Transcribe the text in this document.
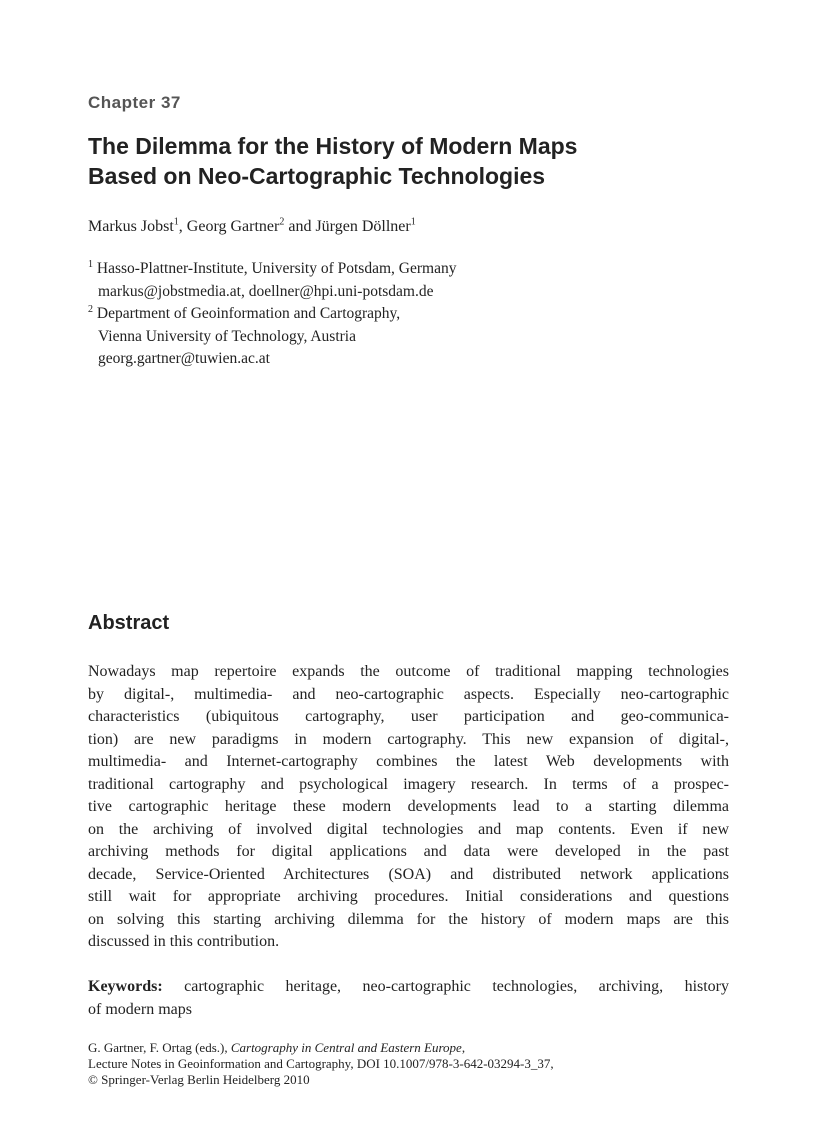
Chapter 37
The Dilemma for the History of Modern Maps
Based on Neo-Cartographic Technologies
Markus Jobst$^1$, Georg Gartner$^2$ and Jürgen Döllner$^1$
$^1$ Hasso-Plattner-Institute, University of Potsdam, Germany
markus@jobstmedia.at, doellner@hpi.uni-potsdam.de
$^2$ Department of Geoinformation and Cartography,
Vienna University of Technology, Austria
georg.gartner@tuwien.ac.at
Abstract
Nowadays map repertoire expands the outcome of traditional mapping technologies
by digital-, multimedia- and neo-cartographic aspects. Especially neo-cartographic
characteristics (ubiquitous cartography, user participation and geo-communica-
tion) are new paradigms in modern cartography. This new expansion of digital-,
multimedia- and Internet-cartography combines the latest Web developments with
traditional cartography and psychological imagery research. In terms of a prospec-
tive cartographic heritage these modern developments lead to a starting dilemma
on the archiving of involved digital technologies and map contents. Even if new
archiving methods for digital applications and data were developed in the past
decade, Service-Oriented Architectures (SOA) and distributed network applications
still wait for appropriate archiving procedures. Initial considerations and questions
on solving this starting archiving dilemma for the history of modern maps are this
discussed in this contribution.
Keywords: cartographic heritage, neo-cartographic technologies, archiving, history
of modern maps
G. Gartner, F. Ortag (eds.), Cartography in Central and Eastern Europe,
Lecture Notes in Geoinformation and Cartography, DOI 10.1007/978-3-642-03294-3_37,
© Springer-Verlag Berlin Heidelberg 2010
